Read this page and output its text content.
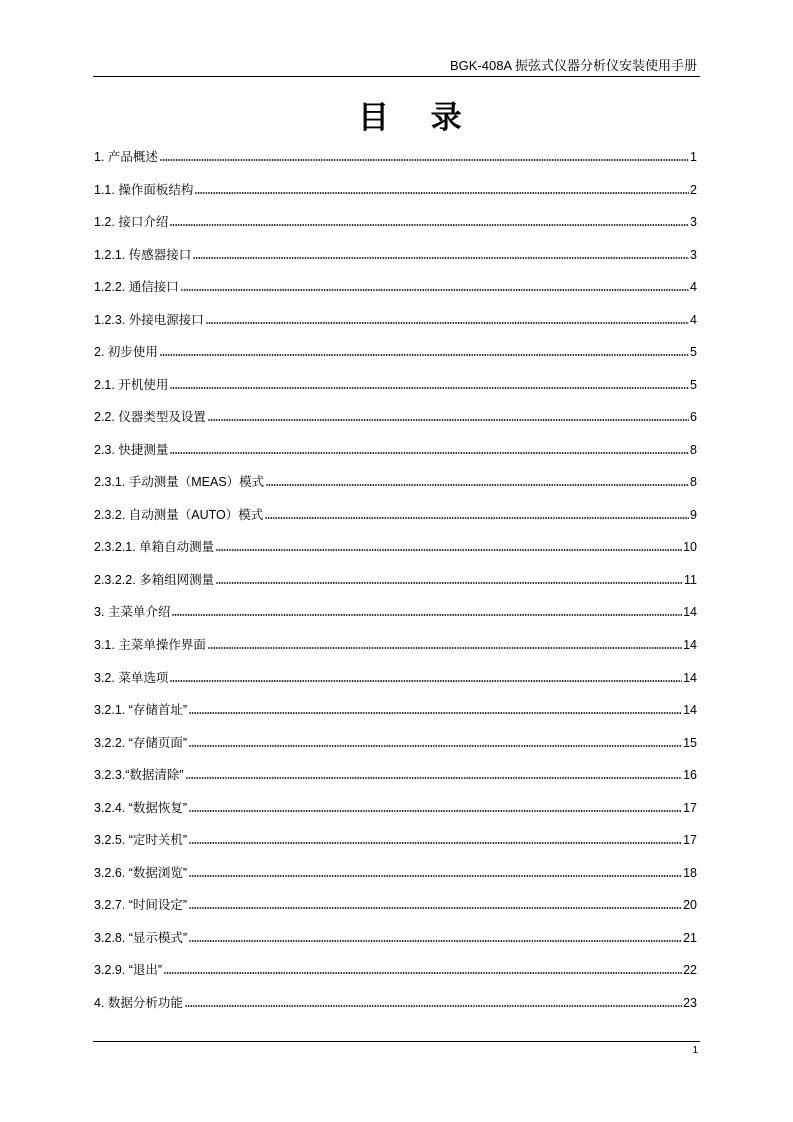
BGK-408A 振弦式仪器分析仪安装使用手册
目 录
1. 产品概述	1
1.1. 操作面板结构	2
1.2. 接口介绍	3
1.2.1. 传感器接口	3
1.2.2. 通信接口	4
1.2.3. 外接电源接口	4
2. 初步使用	5
2.1. 开机使用	5
2.2. 仪器类型及设置	6
2.3. 快捷测量	8
2.3.1. 手动测量（MEAS）模式	8
2.3.2. 自动测量（AUTO）模式	9
2.3.2.1. 单箱自动测量	10
2.3.2.2. 多箱组网测量	11
3. 主菜单介绍	14
3.1. 主菜单操作界面	14
3.2. 菜单选项	14
3.2.1. “存储首址”	14
3.2.2. “存储页面”	15
3.2.3.“数据清除”	16
3.2.4. “数据恢复”	17
3.2.5. “定时关机”	17
3.2.6. “数据浏览”	18
3.2.7. “时间设定”	20
3.2.8. “显示模式”	21
3.2.9. “退出”	22
4. 数据分析功能	23
1
